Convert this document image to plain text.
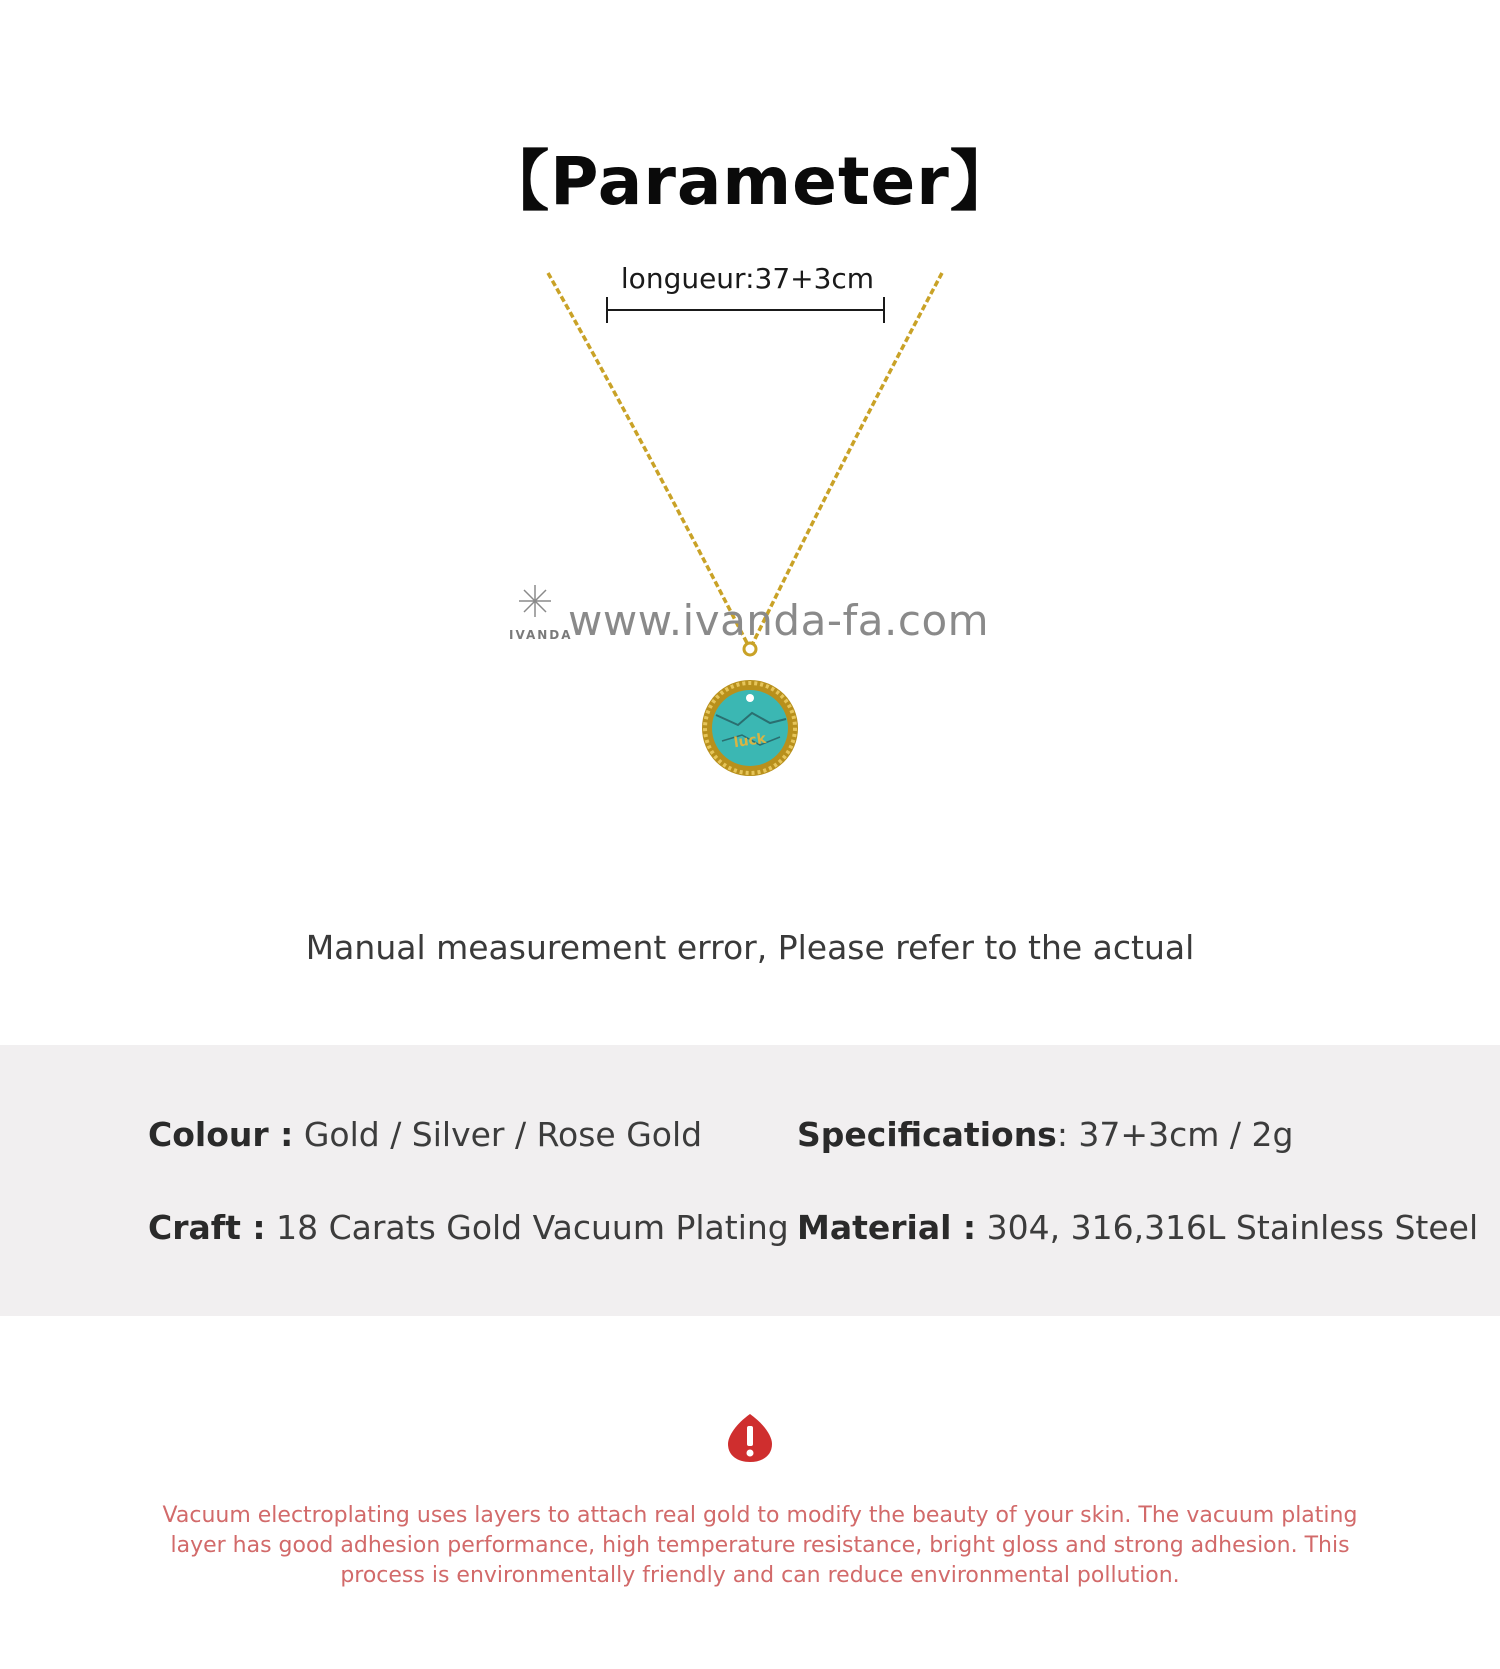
【Parameter】
luck
longueur:37+3cm
IVANDA
www.ivanda-fa.com
Manual measurement error, Please refer to the actual
Colour : Gold / Silver / Rose Gold	Specifications: 37+3cm / 2g
Craft : 18 Carats Gold Vacuum Plating Material : 304, 316,316L Stainless Steel
Vacuum electroplating uses layers to attach real gold to modify the beauty of your skin. The vacuum plating layer has good adhesion performance, high temperature resistance, bright gloss and strong adhesion. This process is environmentally friendly and can reduce environmental pollution.
